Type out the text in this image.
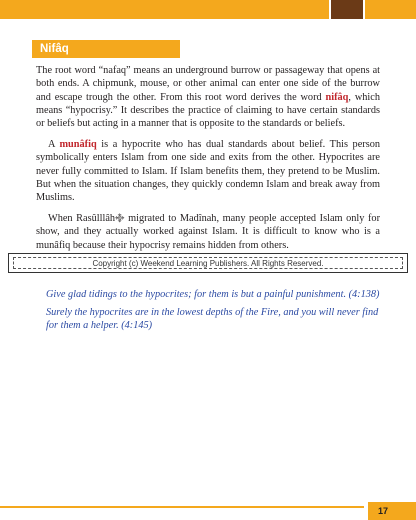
Nifâq

The root word “nafaq” means an underground burrow or passageway that opens at both ends. A chipmunk, mouse, or other animal can enter one side of the burrow and escape trough the other. From this root word derives the word nifâq, which means “hypocrisy.” It describes the practice of claiming to have certain standards or beliefs but acting in a manner that is opposite to the standards or beliefs.

A munâfiq is a hypocrite who has dual standards about belief. This person symbolically enters Islam from one side and exits from the other. Hypocrites are never fully committed to Islam. If Islam benefits them, they pretend to be Muslim. But when the situation changes, they quickly condemn Islam and break away from Muslims.

When Rasûlllâh࿇ migrated to Madînah, many people accepted Islam only for show, and they actually worked against Islam. It is difficult to know who is a munâfiq because their hypocrisy remains hidden from others.

Copyright (c) Weekend Learning Publishers. All Rights Reserved.

Give glad tidings to the hypocrites; for them is but a painful punishment. (4:138)

Surely the hypocrites are in the lowest depths of the Fire, and you will never find for them a helper. (4:145)

17
